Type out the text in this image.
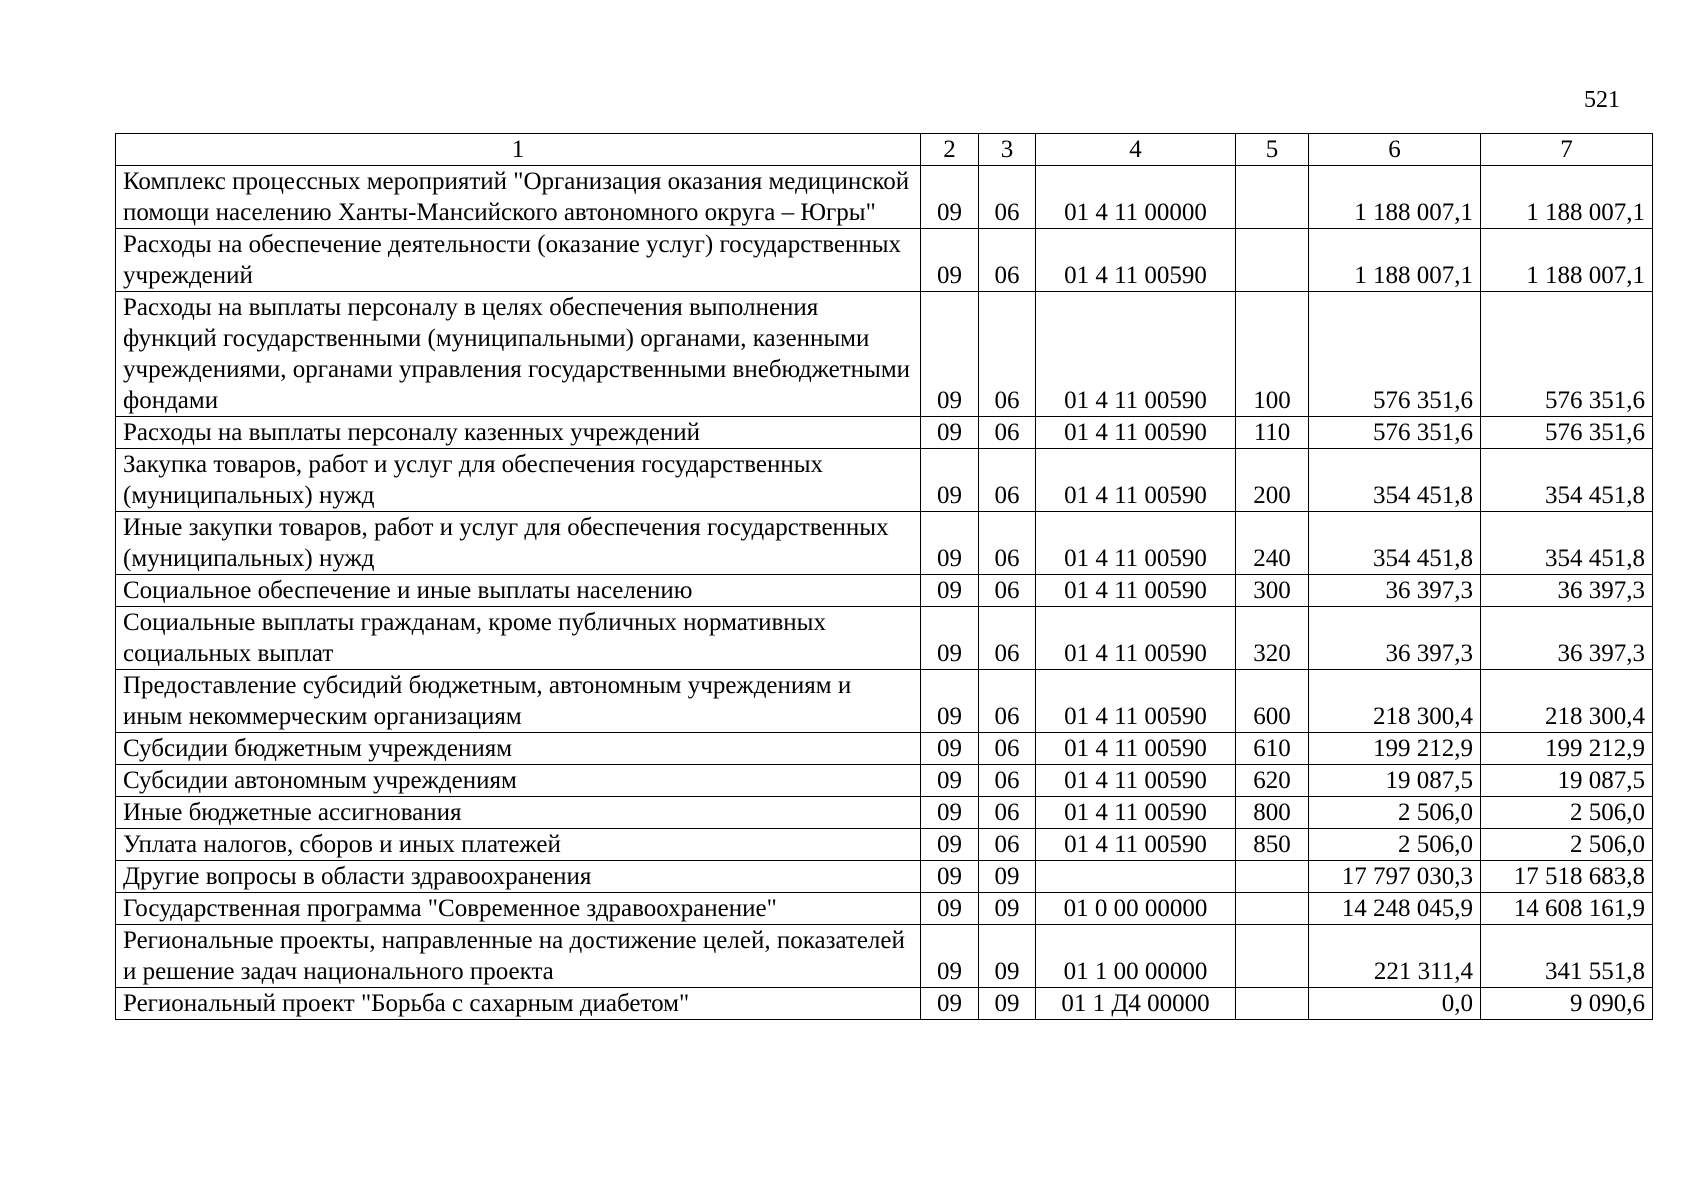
521
1	2	3	4	5	6	7
Комплекс процессных мероприятий "Организация оказания медицинской помощи населению Ханты-Мансийского автономного округа – Югры"	09	06	01 4 11 00000		1 188 007,1	1 188 007,1
Расходы на обеспечение деятельности (оказание услуг) государственных учреждений	09	06	01 4 11 00590		1 188 007,1	1 188 007,1
Расходы на выплаты персоналу в целях обеспечения выполнения функций государственными (муниципальными) органами, казенными учреждениями, органами управления государственными внебюджетными фондами	09	06	01 4 11 00590	100	576 351,6	576 351,6
Расходы на выплаты персоналу казенных учреждений	09	06	01 4 11 00590	110	576 351,6	576 351,6
Закупка товаров, работ и услуг для обеспечения государственных (муниципальных) нужд	09	06	01 4 11 00590	200	354 451,8	354 451,8
Иные закупки товаров, работ и услуг для обеспечения государственных (муниципальных) нужд	09	06	01 4 11 00590	240	354 451,8	354 451,8
Социальное обеспечение и иные выплаты населению	09	06	01 4 11 00590	300	36 397,3	36 397,3
Социальные выплаты гражданам, кроме публичных нормативных социальных выплат	09	06	01 4 11 00590	320	36 397,3	36 397,3
Предоставление субсидий бюджетным, автономным учреждениям и иным некоммерческим организациям	09	06	01 4 11 00590	600	218 300,4	218 300,4
Субсидии бюджетным учреждениям	09	06	01 4 11 00590	610	199 212,9	199 212,9
Субсидии автономным учреждениям	09	06	01 4 11 00590	620	19 087,5	19 087,5
Иные бюджетные ассигнования	09	06	01 4 11 00590	800	2 506,0	2 506,0
Уплата налогов, сборов и иных платежей	09	06	01 4 11 00590	850	2 506,0	2 506,0
Другие вопросы в области здравоохранения	09	09			17 797 030,3	17 518 683,8
Государственная программа "Современное здравоохранение"	09	09	01 0 00 00000		14 248 045,9	14 608 161,9
Региональные проекты, направленные на достижение целей, показателей и решение задач национального проекта	09	09	01 1 00 00000		221 311,4	341 551,8
Региональный проект "Борьба с сахарным диабетом"	09	09	01 1 Д4 00000		0,0	9 090,6
